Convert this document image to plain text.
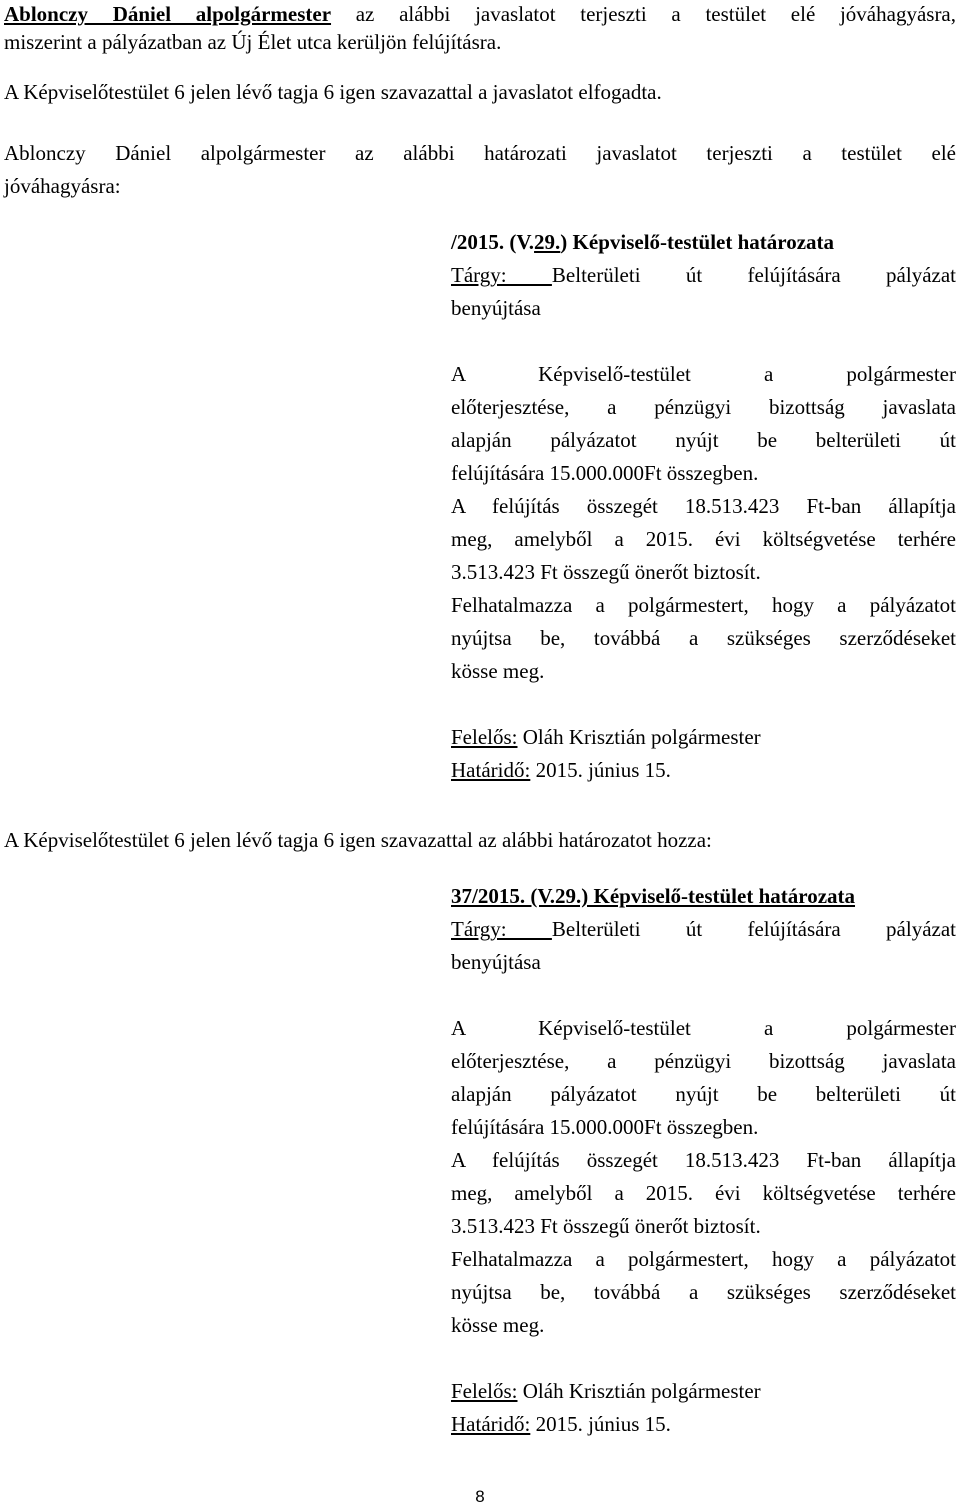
Ablonczy Dániel alpolgármester az alábbi javaslatot terjeszti a testület elé jóváhagyásra,

miszerint a pályázatban az Új Élet utca kerüljön felújításra.

A Képviselőtestület 6 jelen lévő tagja 6 igen szavazattal a javaslatot elfogadta.

Ablonczy Dániel alpolgármester az alábbi határozati javaslatot terjeszti a testület elé

jóváhagyásra:

/2015. (V.29.) Képviselő-testület határozata

Tárgy: Belterületi út felújítására pályázat

benyújtása

A Képviselő-testület a polgármester

előterjesztése, a pénzügyi bizottság javaslata

alapján pályázatot nyújt be belterületi út

felújítására 15.000.000Ft összegben.

A felújítás összegét 18.513.423 Ft-ban állapítja

meg, amelyből a 2015. évi költségvetése terhére

3.513.423 Ft összegű önerőt biztosít.

Felhatalmazza a polgármestert, hogy a pályázatot

nyújtsa be, továbbá a szükséges szerződéseket

kösse meg.

Felelős: Oláh Krisztián polgármester

Határidő: 2015. június 15.

A Képviselőtestület 6 jelen lévő tagja 6 igen szavazattal az alábbi határozatot hozza:

37/2015. (V.29.) Képviselő-testület határozata

Tárgy: Belterületi út felújítására pályázat

benyújtása

A Képviselő-testület a polgármester

előterjesztése, a pénzügyi bizottság javaslata

alapján pályázatot nyújt be belterületi út

felújítására 15.000.000Ft összegben.

A felújítás összegét 18.513.423 Ft-ban állapítja

meg, amelyből a 2015. évi költségvetése terhére

3.513.423 Ft összegű önerőt biztosít.

Felhatalmazza a polgármestert, hogy a pályázatot

nyújtsa be, továbbá a szükséges szerződéseket

kösse meg.

Felelős: Oláh Krisztián polgármester

Határidő: 2015. június 15.

8
